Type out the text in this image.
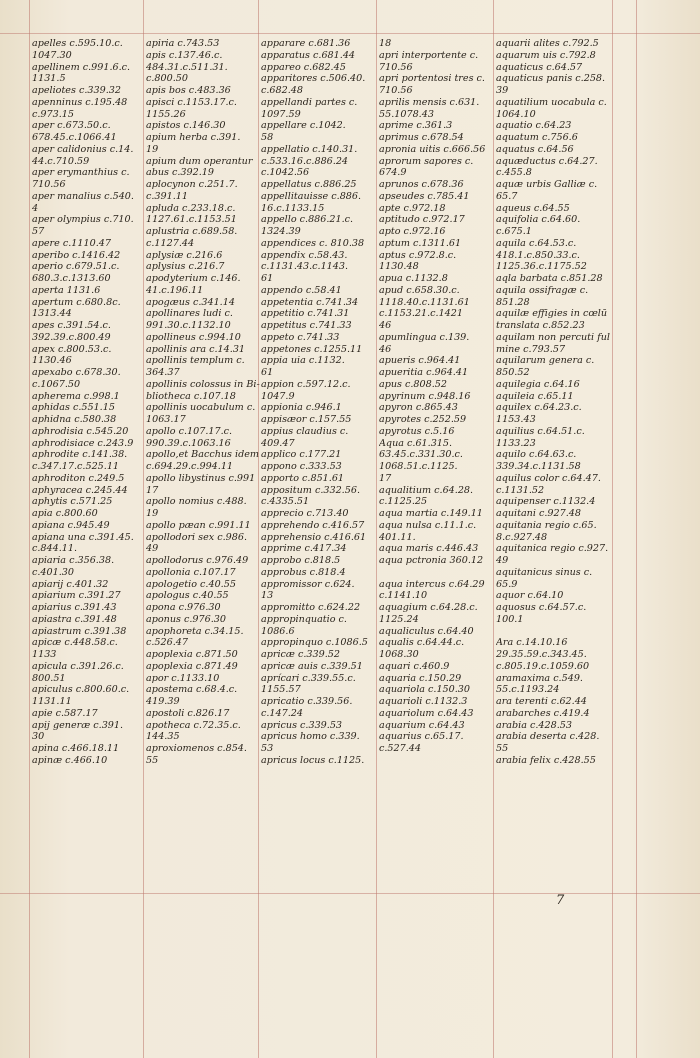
apelles c.595.10.c.
1047.30
apellinem c.991.6.c.
1131.5
apeliotes c.339.32
apenninus c.195.48
c.973.15
aper c.673.50.c.
678.45.c.1066.41
aper calidonius c.14.
44.c.710.59
aper erymanthius c.
710.56
aper manalius c.540.
4
aper olympius c.710.
57
apere c.1110.47
aperibo c.1416.42
aperio c.679.51.c.
680.3.c.1313.60
aperta 1131.6
apertum c.680.8c.
1313.44
apes c.391.54.c.
392.39.c.800.49
apex c.800.53.c.
1130.46
apexabo c.678.30.
c.1067.50
apherema c.998.1
aphidas c.551.15
aphidna c.580.38
aphrodisia c.545.20
aphrodisiace c.243.9
aphrodite c.141.38.
c.347.17.c.525.11
aphroditon c.249.5
aphyracea c.245.44
aphytis c.571.25
apia c.800.60
apiana c.945.49
apiana una c.391.45.
c.844.11.
apiaria c.356.38.
c.401.30
apiarij c.401.32
apiarium c.391.27
apiarius c.391.43
apiastra c.391.48
apiastrum c.391.38
apicæ c.448.58.c.
1133
apicula c.391.26.c.
800.51
apiculus c.800.60.c.
1131.11
apie c.587.17
apij generæ c.391.
30
apina c.466.18.11
apinæ c.466.10
apiria c.743.53
apis c.137.46.c.
484.31.c.511.31.
c.800.50
apis bos c.483.36
apisci c.1153.17.c.
1155.26
apistos c.146.30
apium herba c.391.
19
apium dum operantur
abus c.392.19
aplocynon c.251.7.
c.391.11
apluda c.233.18.c.
1127.61.c.1153.51
aplustria c.689.58.
c.1127.44
aplysiæ c.216.6
aplysius c.216.7
apodyterium c.146.
41.c.196.11
apogæus c.341.14
apollinares ludi c.
991.30.c.1132.10
apollineus c.994.10
apollinis ara c.14.31
apollinis templum c.
364.37
apollinis colossus in Bi-
bliotheca c.107.18
apollinis uocabulum c.
1063.17
apollo c.107.17.c.
990.39.c.1063.16
apollo,et Bacchus idem
c.694.29.c.994.11
apollo libystinus c.991
17
apollo nomius c.488.
19
apollo pæan c.991.11
apollodori sex c.986.
49
apollodorus c.976.49
apollonia c.107.17
apologetio c.40.55
apologus c.40.55
apona c.976.30
aponus c.976.30
apophoreta c.34.15.
c.526.47
apoplexia c.871.50
apoplexia c.871.49
apor c.1133.10
apostema c.68.4.c.
419.39
apostoli c.826.17
apotheca c.72.35.c.
144.35
aproxiomenos c.854.
55
apparare c.681.36
apparatus c.681.44
appareo c.682.45
apparitores c.506.40.
c.682.48
appellandi partes c.
1097.59
appellare c.1042.
58
appellatio c.140.31.
c.533.16.c.886.24
c.1042.56
appellatus c.886.25
appellitauisse c.886.
16.c.1133.15
appello c.886.21.c.
1324.39
appendices c. 810.38
appendix c.58.43.
c.1131.43.c.1143.
61
appendo c.58.41
appetentia c.741.34
appetitio c.741.31
appetitus c.741.33
appeto c.741.33
appetones c.1255.11
appia uia c.1132.
61
appion c.597.12.c.
1047.9
appionia c.946.1
appisæor c.157.55
appius claudius c.
409.47
applico c.177.21
appono c.333.53
apporto c.851.61
appositum c.332.56.
c.4335.51
apprecio c.713.40
apprehendo c.416.57
apprehensio c.416.61
apprime c.417.34
approbo c.818.5
approbus c.818.4
appromissor c.624.
13
appromitto c.624.22
appropinquatio c.
1086.6
appropinquo c.1086.5
apricæ c.339.52
apricæ auis c.339.51
aprícari c.339.55.c.
1155.57
apricatio c.339.56.
c.147.24
apricus c.339.53
apricus homo c.339.
53
apricus locus c.1125.
18
apri interportente c.
710.56
apri portentosi tres c.
710.56
aprilis mensis c.631.
55.1078.43
aprime c.361.3
aprimus c.678.54
apronia uitis c.666.56
aprorum sapores c.
674.9
aprunos c.678.36
apseudes c.785.41
apte c.972.18
aptitudo c.972.17
apto c.972.16
aptum c.1311.61
aptus c.972.8.c.
1130.48
apua c.1132.8
apud c.658.30.c.
1118.40.c.1131.61
c.1153.21.c.1421
46
apumlingua c.139.
46
apueris c.964.41
apueritia c.964.41
apus c.808.52
apyrinum c.948.16
apyron c.865.43
apyrotes c.252.59
apyrotus c.5.16
Aqua c.61.315.
63.45.c.331.30.c.
1068.51.c.1125.
17
aqualitium c.64.28.
c.1125.25
aqua martia c.149.11
aqua nulsa c.11.1.c.
401.11.
aqua maris c.446.43
aqua pctronia 360.12

aqua intercus c.64.29
c.1141.10
aquagium c.64.28.c.
1125.24
aqualiculus c.64.40
aqualis c.64.44.c.
1068.30
aquari c.460.9
aquaria c.150.29
aquariola c.150.30
aquarioli c.1132.3
aquariolum c.64.43
aquarium c.64.43
aquarius c.65.17.
c.527.44
aquarii alites c.792.5
aquarum uis c.792.8
aquaticus c.64.57
aquaticus panis c.258.
39
aquatilium uocabula c.
1064.10
aquatio c.64.23
aquatum c.756.6
aquatus c.64.56
aquæductus c.64.27.
c.455.8
aquæ urbis Galliæ c.
65.7
aqueus c.64.55
aquifolia c.64.60.
c.675.1
aquila c.64.53.c.
418.1.c.850.33.c.
1125.36.c.1175.52
aqla barbata c.851.28
aquila ossifragæ c.
851.28
aquilæ effigies in cœlū
translata c.852.23
aquilam non percuti ful
mine c.793.57
aquilarum genera c.
850.52
aquilegia c.64.16
aquileia c.65.11
aquilex c.64.23.c.
1153.43
aquilius c.64.51.c.
1133.23
aquilo c.64.63.c.
339.34.c.1131.58
aquilus color c.64.47.
c.1131.52
aquipenser c.1132.4
aquitani c.927.48
aquitania regio c.65.
8.c.927.48
aquitanica regio c.927.
49
aquitanicus sinus c.
65.9
aquor c.64.10
aquosus c.64.57.c.
100.1

Ara c.14.10.16
29.35.59.c.343.45.
c.805.19.c.1059.60
aramaxima c.549.
55.c.1193.24
ara terenti c.62.44
arabarches c.419.4
arabia c.428.53
arabia deserta c.428.
55
arabia felix c.428.55
7
